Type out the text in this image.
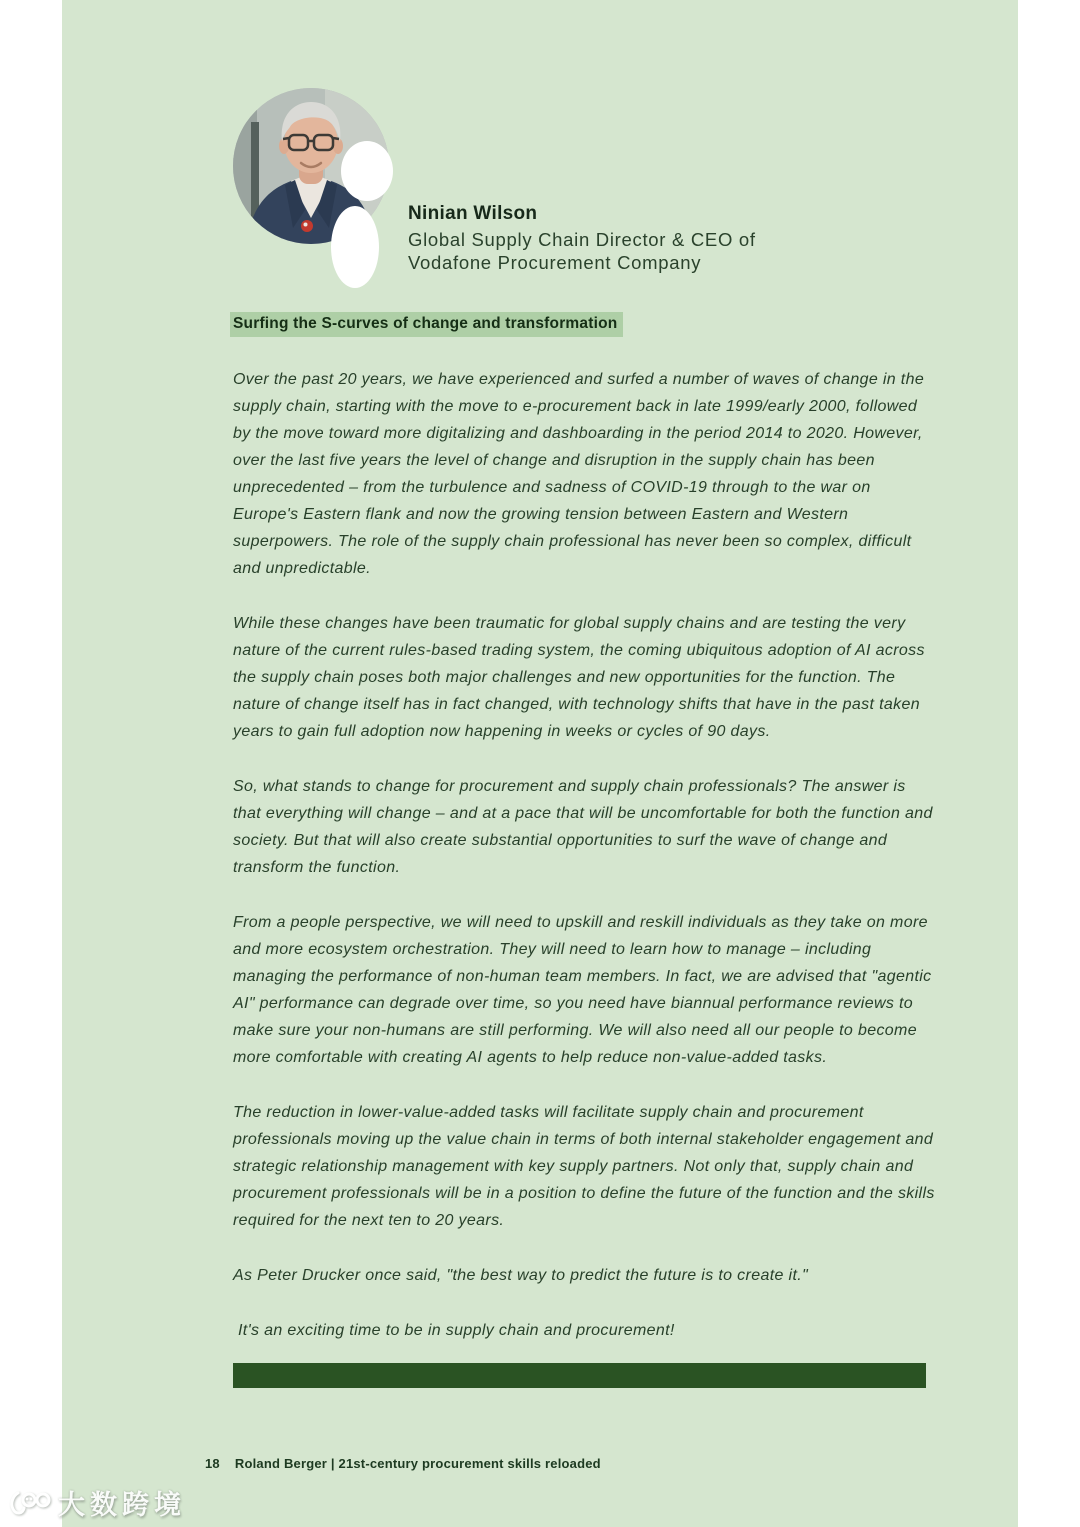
Ninian Wilson
Global Supply Chain Director & CEO of
Vodafone Procurement Company
Surfing the S-curves of change and transformation

Over the past 20 years, we have experienced and surfed a number of waves of change in the supply chain, starting with the move to e-procurement back in late 1999/early 2000, followed by the move toward more digitalizing and dashboarding in the period 2014 to 2020. However, over the last five years the level of change and disruption in the supply chain has been unprecedented – from the turbulence and sadness of COVID-19 through to the war on Europe's Eastern flank and now the growing tension between Eastern and Western superpowers. The role of the supply chain professional has never been so complex, difficult and unpredictable.

While these changes have been traumatic for global supply chains and are testing the very nature of the current rules-based trading system, the coming ubiquitous adoption of AI across the supply chain poses both major challenges and new opportunities for the function. The nature of change itself has in fact changed, with technology shifts that have in the past taken years to gain full adoption now happening in weeks or cycles of 90 days.

So, what stands to change for procurement and supply chain professionals? The answer is that everything will change – and at a pace that will be uncomfortable for both the function and society. But that will also create substantial opportunities to surf the wave of change and transform the function.

From a people perspective, we will need to upskill and reskill individuals as they take on more and more ecosystem orchestration. They will need to learn how to manage – including managing the performance of non-human team members. In fact, we are advised that "agentic AI" performance can degrade over time, so you need have biannual performance reviews to make sure your non-humans are still performing. We will also need all our people to become more comfortable with creating AI agents to help reduce non-value-added tasks.

The reduction in lower-value-added tasks will facilitate supply chain and procurement professionals moving up the value chain in terms of both internal stakeholder engagement and strategic relationship management with key supply partners. Not only that, supply chain and procurement professionals will be in a position to define the future of the function and the skills required for the next ten to 20 years.

As Peter Drucker once said, "the best way to predict the future is to create it."

It's an exciting time to be in supply chain and procurement!

18 Roland Berger | 21st-century procurement skills reloaded
大数跨境
